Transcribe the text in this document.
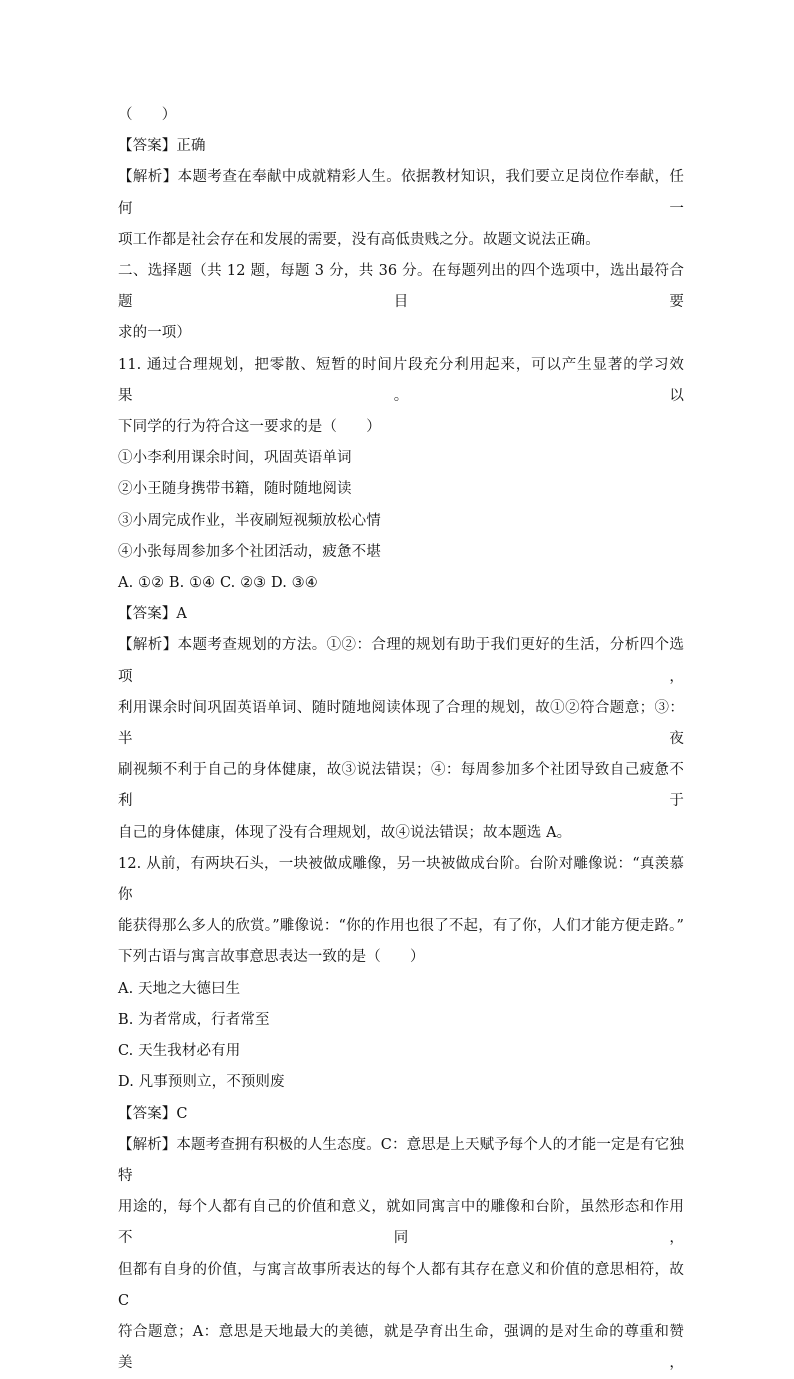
（　　）
【答案】正确
【解析】本题考查在奉献中成就精彩人生。依据教材知识，我们要立足岗位作奉献，任何一
项工作都是社会存在和发展的需要，没有高低贵贱之分。故题文说法正确。
二、选择题（共 12 题，每题 3 分，共 36 分。在每题列出的四个选项中，选出最符合题目要
求的一项）
11. 通过合理规划，把零散、短暂的时间片段充分利用起来，可以产生显著的学习效果。以
下同学的行为符合这一要求的是（　　）
①小李利用课余时间，巩固英语单词
②小王随身携带书籍，随时随地阅读
③小周完成作业，半夜刷短视频放松心情
④小张每周参加多个社团活动，疲惫不堪
A. ①② B. ①④ C. ②③ D. ③④
【答案】A
【解析】本题考查规划的方法。①②：合理的规划有助于我们更好的生活，分析四个选项，
利用课余时间巩固英语单词、随时随地阅读体现了合理的规划，故①②符合题意；③：半夜
刷视频不利于自己的身体健康，故③说法错误；④：每周参加多个社团导致自己疲惫不利于
自己的身体健康，体现了没有合理规划，故④说法错误；故本题选 A。
12. 从前，有两块石头，一块被做成雕像，另一块被做成台阶。台阶对雕像说：“真羡慕你
能获得那么多人的欣赏。”雕像说：“你的作用也很了不起，有了你，人们才能方便走路。”
下列古语与寓言故事意思表达一致的是（　　）
A. 天地之大德曰生
B. 为者常成，行者常至
C. 天生我材必有用
D. 凡事预则立，不预则废
【答案】C
【解析】本题考查拥有积极的人生态度。C：意思是上天赋予每个人的才能一定是有它独特
用途的，每个人都有自己的价值和意义，就如同寓言中的雕像和台阶，虽然形态和作用不同，
但都有自身的价值，与寓言故事所表达的每个人都有其存在意义和价值的意思相符，故 C
符合题意；A：意思是天地最大的美德，就是孕育出生命，强调的是对生命的尊重和赞美，
